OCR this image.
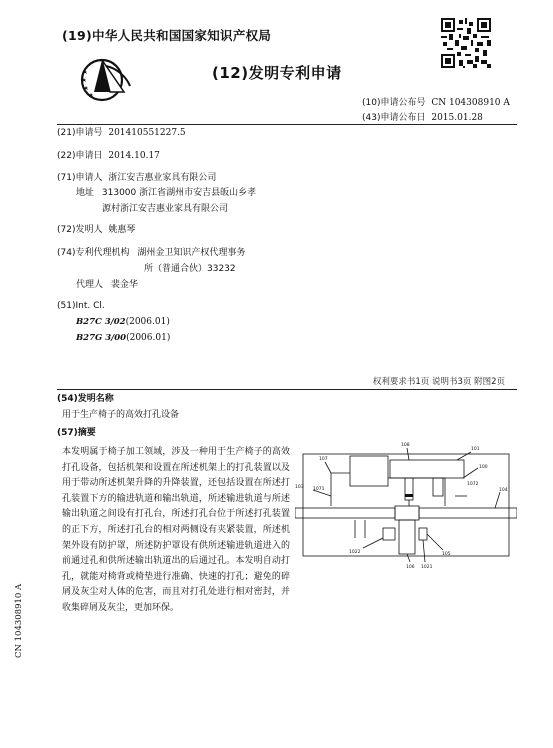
(19)中华人民共和国国家知识产权局
(12)发明专利申请
(10)申请公布号 CN 104308910 A
(43)申请公布日 2015.01.28
(21)申请号 201410551227.5
(22)申请日 2014.10.17
(71)申请人 浙江安吉惠业家具有限公司
地址 313000 浙江省湖州市安吉县皈山乡孝
源村浙江安吉惠业家具有限公司
(72)发明人 姚惠琴
(74)专利代理机构 湖州金卫知识产权代理事务
所（普通合伙）33232
代理人 裴金华
(51)Int. Cl.
B27C 3/02(2006.01)
B27G 3/00(2006.01)
权利要求书1页 说明书3页 附图2页
(54)发明名称
用于生产椅子的高效打孔设备
(57)摘要
本发明属于椅子加工领域，涉及一种用于生产椅子的高效打孔设备，包括机架和设置在所述机架上的打孔装置以及用于带动所述机架升降的升降装置，还包括设置在所述打孔装置下方的输进轨道和输出轨道，所述输进轨道与所述输出轨道之间设有打孔台，所述打孔台位于所述打孔装置的正下方，所述打孔台的相对两侧设有夹紧装置，所述机架外设有防护罩，所述防护罩设有供所述输进轨道进入的前通过孔和供所述输出轨道出的后通过孔。本发明自动打孔，就能对椅背或椅垫进行准确、快速的打孔；避免的碎屑及灰尘对人体的危害，而且对打孔处进行相对密封，并收集碎屑及灰尘，更加环保。
108
101
107
100
1072
103 1071	104
1022
106 1021
105
CN 104308910 A
